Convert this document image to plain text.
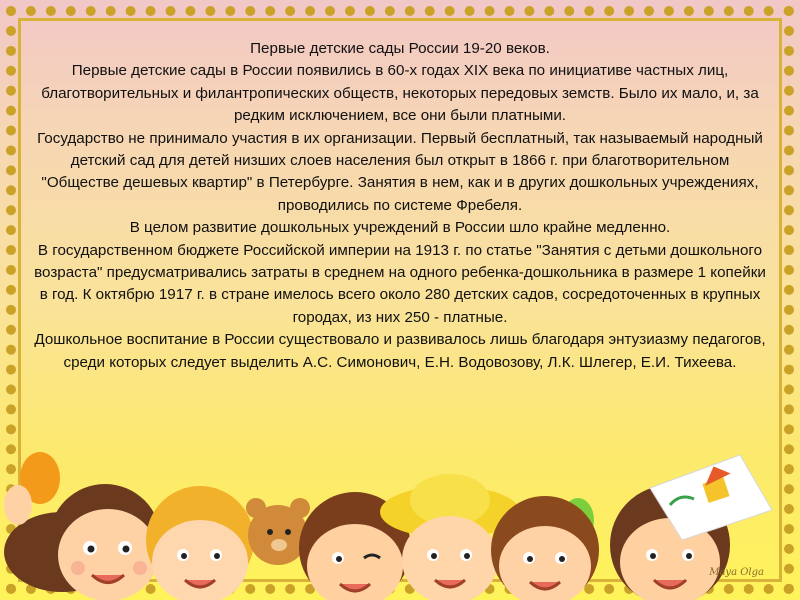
Первые детские сады России 19-20 веков.

Первые детские сады в России появились в 60-х годах XIX века по инициативе частных лиц, благотворительных и филантропических обществ, некоторых передовых земств. Было их мало, и, за редким исключением, все они были платными.

Государство не принимало участия в их организации. Первый бесплатный, так называемый народный детский сад для детей низших слоев населения был открыт в 1866 г. при благотворительном "Обществе дешевых квартир" в Петербурге. Занятия в нем, как и в других дошкольных учреждениях, проводились по системе Фребеля.

В целом развитие дошкольных учреждений в России шло крайне медленно.

В государственном бюджете Российской империи на 1913 г. по статье "Занятия с детьми дошкольного возраста" предусматривались затраты в среднем на одного ребенка-дошкольника в размере 1 копейки в год. К октябрю 1917 г. в стране имелось всего около 280 детских садов, сосредоточенных в крупных городах, из них 250 - платные.

Дошкольное воспитание в России существовало и развивалось лишь благодаря энтузиазму педагогов, среди которых следует выделить А.С. Симонович, Е.Н. Водовозову, Л.К. Шлегер, Е.И. Тихеева.

Maya Olga
